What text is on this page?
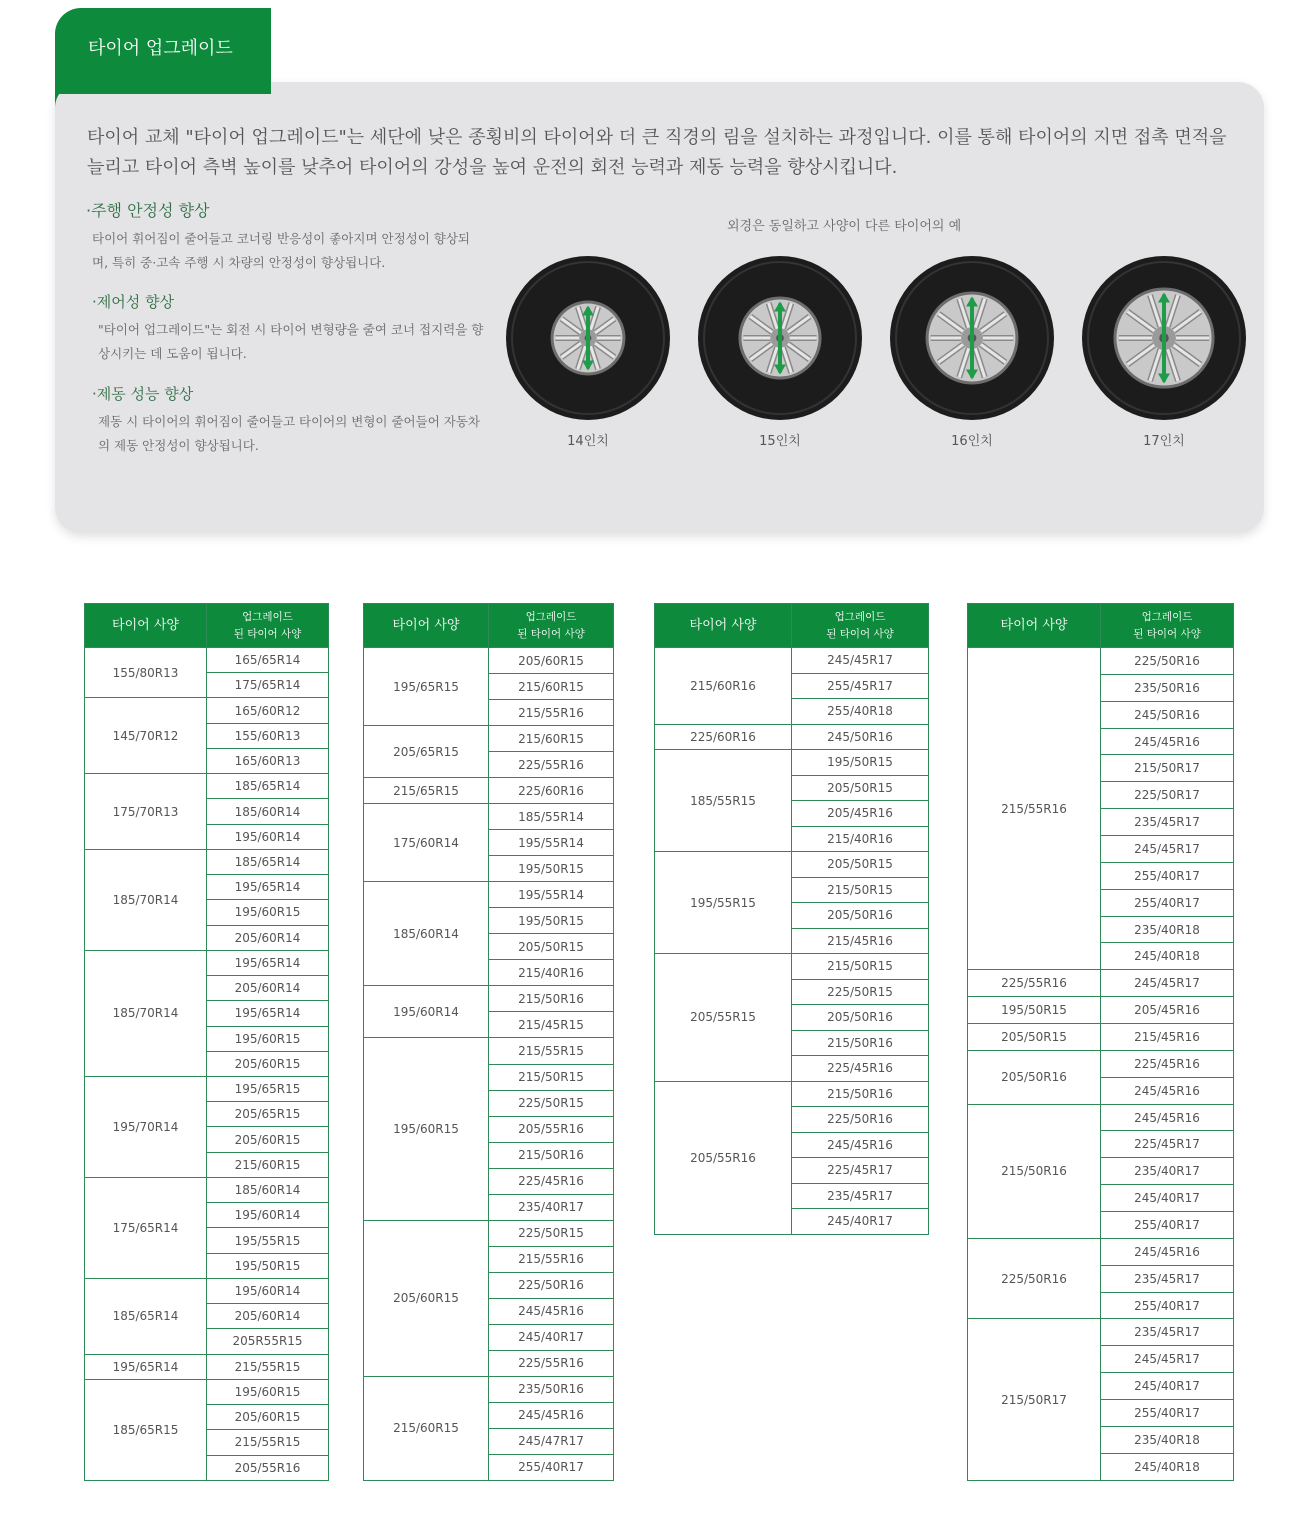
타이어 업그레이드
타이어 교체 "타이어 업그레이드"는 세단에 낮은 종횡비의 타이어와 더 큰 직경의 림을 설치하는 과정입니다. 이를 통해 타이어의 지면 접촉 면적을 늘리고 타이어 측벽 높이를 낮추어 타이어의 강성을 높여 운전의 회전 능력과 제동 능력을 향상시킵니다.
·주행 안정성 향상

타이어 휘어짐이 줄어들고 코너링 반응성이 좋아지며 안정성이 향상되며, 특히 중·고속 주행 시 차량의 안정성이 향상됩니다.

·제어성 향상

"타이어 업그레이드"는 회전 시 타이어 변형량을 줄여 코너 접지력을 향상시키는 데 도움이 됩니다.

·제동 성능 향상

제동 시 타이어의 휘어짐이 줄어들고 타이어의 변형이 줄어들어 자동차의 제동 안정성이 향상됩니다.

외경은 동일하고 사양이 다른 타이어의 예
14인치	15인치	16인치	17인치
타이어 사양	업그레이드
된 타이어 사양

155/80R13	165/65R14
	175/65R14
145/70R12	165/60R12
	155/60R13
	165/60R13
175/70R13	185/65R14
	185/60R14
	195/60R14
185/70R14	185/65R14
	195/65R14
	195/60R15
	205/60R14
185/70R14	195/65R14
	205/60R14
	195/65R14
	195/60R15
	205/60R15
195/70R14	195/65R15
	205/65R15
	205/60R15
	215/60R15
175/65R14	185/60R14
	195/60R14
	195/55R15
	195/50R15
185/65R14	195/60R14
	205/60R14
	205R55R15
195/65R14	215/55R15
185/65R15	195/60R15
	205/60R15
	215/55R15
	205/55R16
타이어 사양	업그레이드
된 타이어 사양

195/65R15	205/60R15
	215/60R15
	215/55R16
205/65R15	215/60R15
	225/55R16
215/65R15	225/60R16
175/60R14	185/55R14
	195/55R14
	195/50R15
185/60R14	195/55R14
	195/50R15
	205/50R15
	215/40R16
195/60R14	215/50R16
	215/45R15
195/60R15	215/55R15
	215/50R15
	225/50R15
	205/55R16
	215/50R16
	225/45R16
	235/40R17
205/60R15	225/50R15
	215/55R16
	225/50R16
	245/45R16
	245/40R17
	225/55R16
215/60R15	235/50R16
	245/45R16
	245/47R17
	255/40R17
타이어 사양	업그레이드
된 타이어 사양

215/60R16	245/45R17
	255/45R17
	255/40R18
225/60R16	245/50R16
185/55R15	195/50R15
	205/50R15
	205/45R16
	215/40R16
195/55R15	205/50R15
	215/50R15
	205/50R16
	215/45R16
205/55R15	215/50R15
	225/50R15
	205/50R16
	215/50R16
	225/45R16
205/55R16	215/50R16
	225/50R16
	245/45R16
	225/45R17
	235/45R17
	245/40R17
타이어 사양	업그레이드
된 타이어 사양

215/55R16	225/50R16
	235/50R16
	245/50R16
	245/45R16
	215/50R17
	225/50R17
	235/45R17
	245/45R17
	255/40R17
	255/40R17
	235/40R18
	245/40R18
225/55R16	245/45R17
195/50R15	205/45R16
205/50R15	215/45R16
205/50R16	225/45R16
	245/45R16
215/50R16	245/45R16
	225/45R17
	235/40R17
	245/40R17
	255/40R17
225/50R16	245/45R16
	235/45R17
	255/40R17
215/50R17	235/45R17
	245/45R17
	245/40R17
	255/40R17
	235/40R18
	245/40R18
